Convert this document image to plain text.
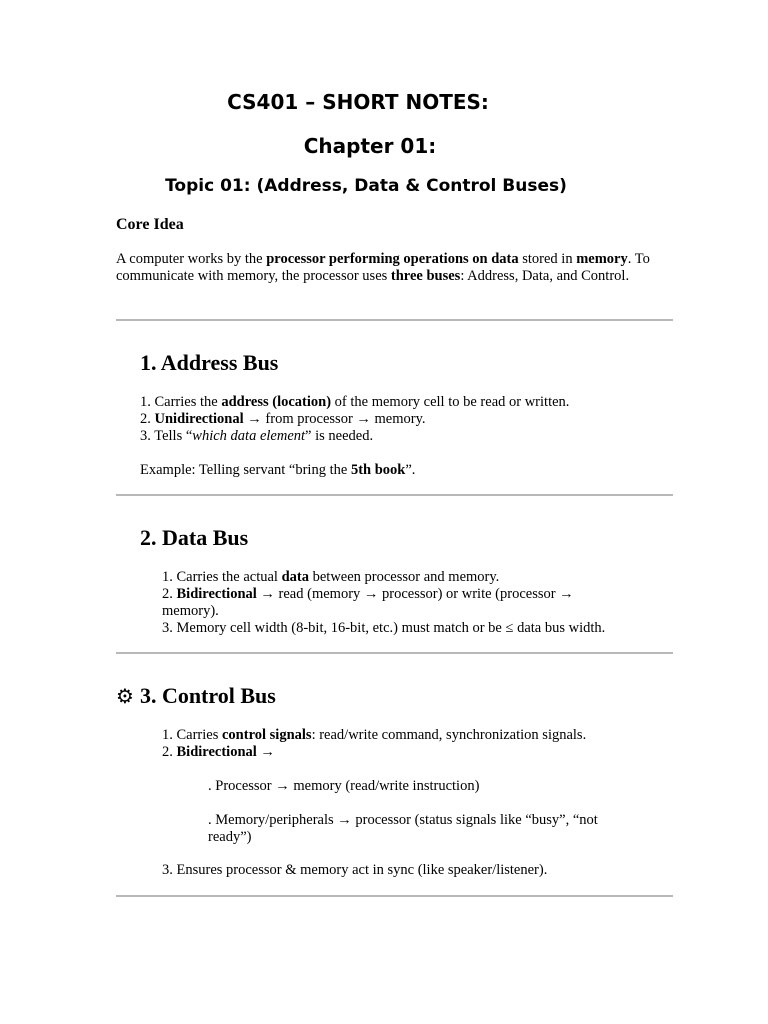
CS401 – SHORT NOTES:
Chapter 01:
Topic 01: (Address, Data & Control Buses)
Core Idea

A computer works by the processor performing operations on data stored in memory. To communicate with memory, the processor uses three buses: Address, Data, and Control.

1. Address Bus
1. Carries the address (location) of the memory cell to be read or written.
2. Unidirectional → from processor → memory.
3. Tells “which data element” is needed.
Example: Telling servant “bring the 5th book”.
2. Data Bus
1. Carries the actual data between processor and memory.
2. Bidirectional → read (memory → processor) or write (processor → memory).
3. Memory cell width (8-bit, 16-bit, etc.) must match or be ≤ data bus width.
⚙ 3. Control Bus
1. Carries control signals: read/write command, synchronization signals.
2. Bidirectional →
. Processor → memory (read/write instruction)
. Memory/peripherals → processor (status signals like “busy”, “not ready”)
3. Ensures processor & memory act in sync (like speaker/listener).
